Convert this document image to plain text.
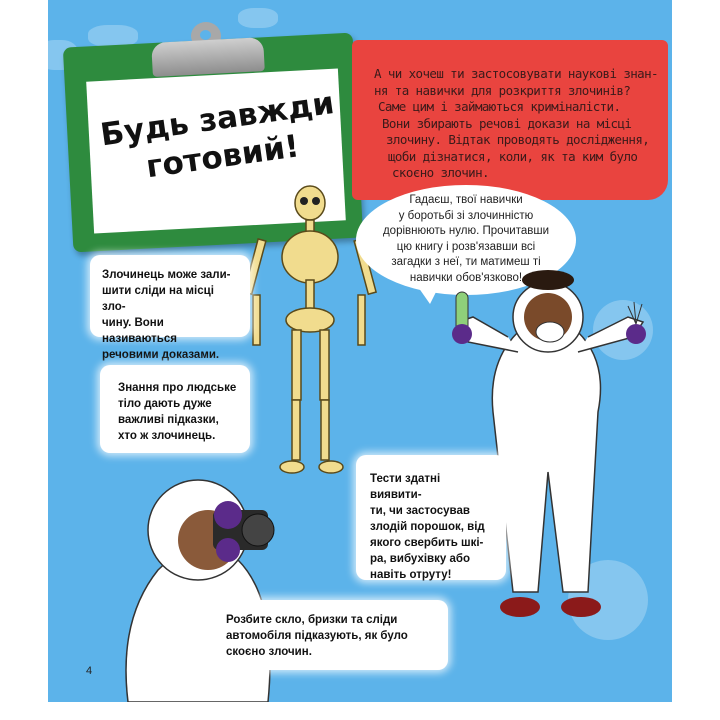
Будь завжди готовий!
А чи хочеш ти застосовувати наукові знан-
ня та навички для розкриття злочинів?
Саме цим і займаються криміналісти.
Вони збирають речові докази на місці
злочину. Відтак проводять дослідження,
щоби дізнатися, коли, як та ким було
скоєно злочин.
Гадаєш, твої навички
у боротьбі зі злочинністю
дорівнюють нулю. Прочитавши
цю книгу і розв'язавши всі
загадки з неї, ти матимеш ті
навички обов'язково!
Злочинець може зали-
шити сліди на місці зло-
чину. Вони називаються
речовими доказами.
Знання про людське
тіло дають дуже
важливі підказки,
хто ж злочинець.
Тести здатні виявити-
ти, чи застосував
злодій порошок, від
якого свербить шкі-
ра, вибухівку або
навіть отруту!
Розбите скло, бризки та сліди
автомобіля підказують, як було
скоєно злочин.
4
